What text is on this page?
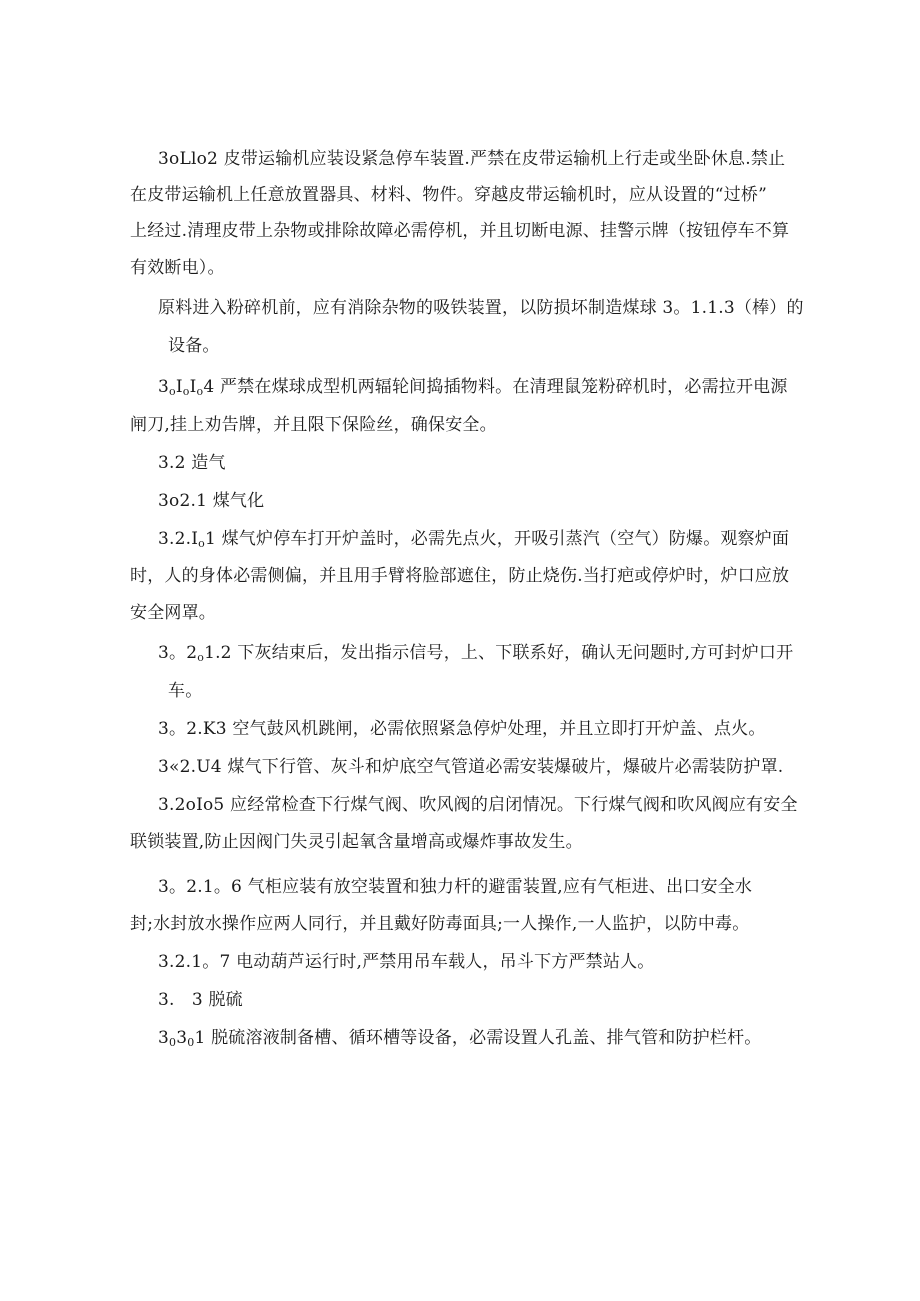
3oLlo2 皮带运输机应装设紧急停车装置.严禁在皮带运输机上行走或坐卧休息.禁止
在皮带运输机上任意放置器具、材料、物件。穿越皮带运输机时，应从设置的“过桥”
上经过.清理皮带上杂物或排除故障必需停机，并且切断电源、挂警示牌（按钮停车不算
有效断电）。
原料进入粉碎机前，应有消除杂物的吸铁装置，以防损坏制造煤球 3。1.1.3（棒）的
设备。
$3_oI_oI_o4$ 严禁在煤球成型机两辐轮间捣插物料。在清理鼠笼粉碎机时，必需拉开电源
闸刀,挂上劝告牌，并且限下保险丝，确保安全。
3.2 造气
3o2.1 煤气化
$3.2.I_o1$ 煤气炉停车打开炉盖时，必需先点火，开吸引蒸汽（空气）防爆。观察炉面
时，人的身体必需侧偏，并且用手臂将脸部遮住，防止烧伤.当打疤或停炉时，炉口应放
安全网罩。
3。$2_o1.2$ 下灰结束后，发出指示信号，上、下联系好，确认无问题时,方可封炉口开
车。
3。2.K3 空气鼓风机跳闸，必需依照紧急停炉处理，并且立即打开炉盖、点火。
3«2.U4 煤气下行管、灰斗和炉底空气管道必需安装爆破片，爆破片必需装防护罩.
3.2oIo5 应经常检查下行煤气阀、吹风阀的启闭情况。下行煤气阀和吹风阀应有安全
联锁装置,防止因阀门失灵引起氧含量增高或爆炸事故发生。
3。2.1。6 气柜应装有放空装置和独力杆的避雷装置,应有气柜进、出口安全水
封;水封放水操作应两人同行，并且戴好防毒面具;一人操作,一人监护，以防中毒。
3.2.1。7 电动葫芦运行时,严禁用吊车载人，吊斗下方严禁站人。
3.　3 脱硫
$3_03_01$ 脱硫溶液制备槽、循环槽等设备，必需设置人孔盖、排气管和防护栏杆。
